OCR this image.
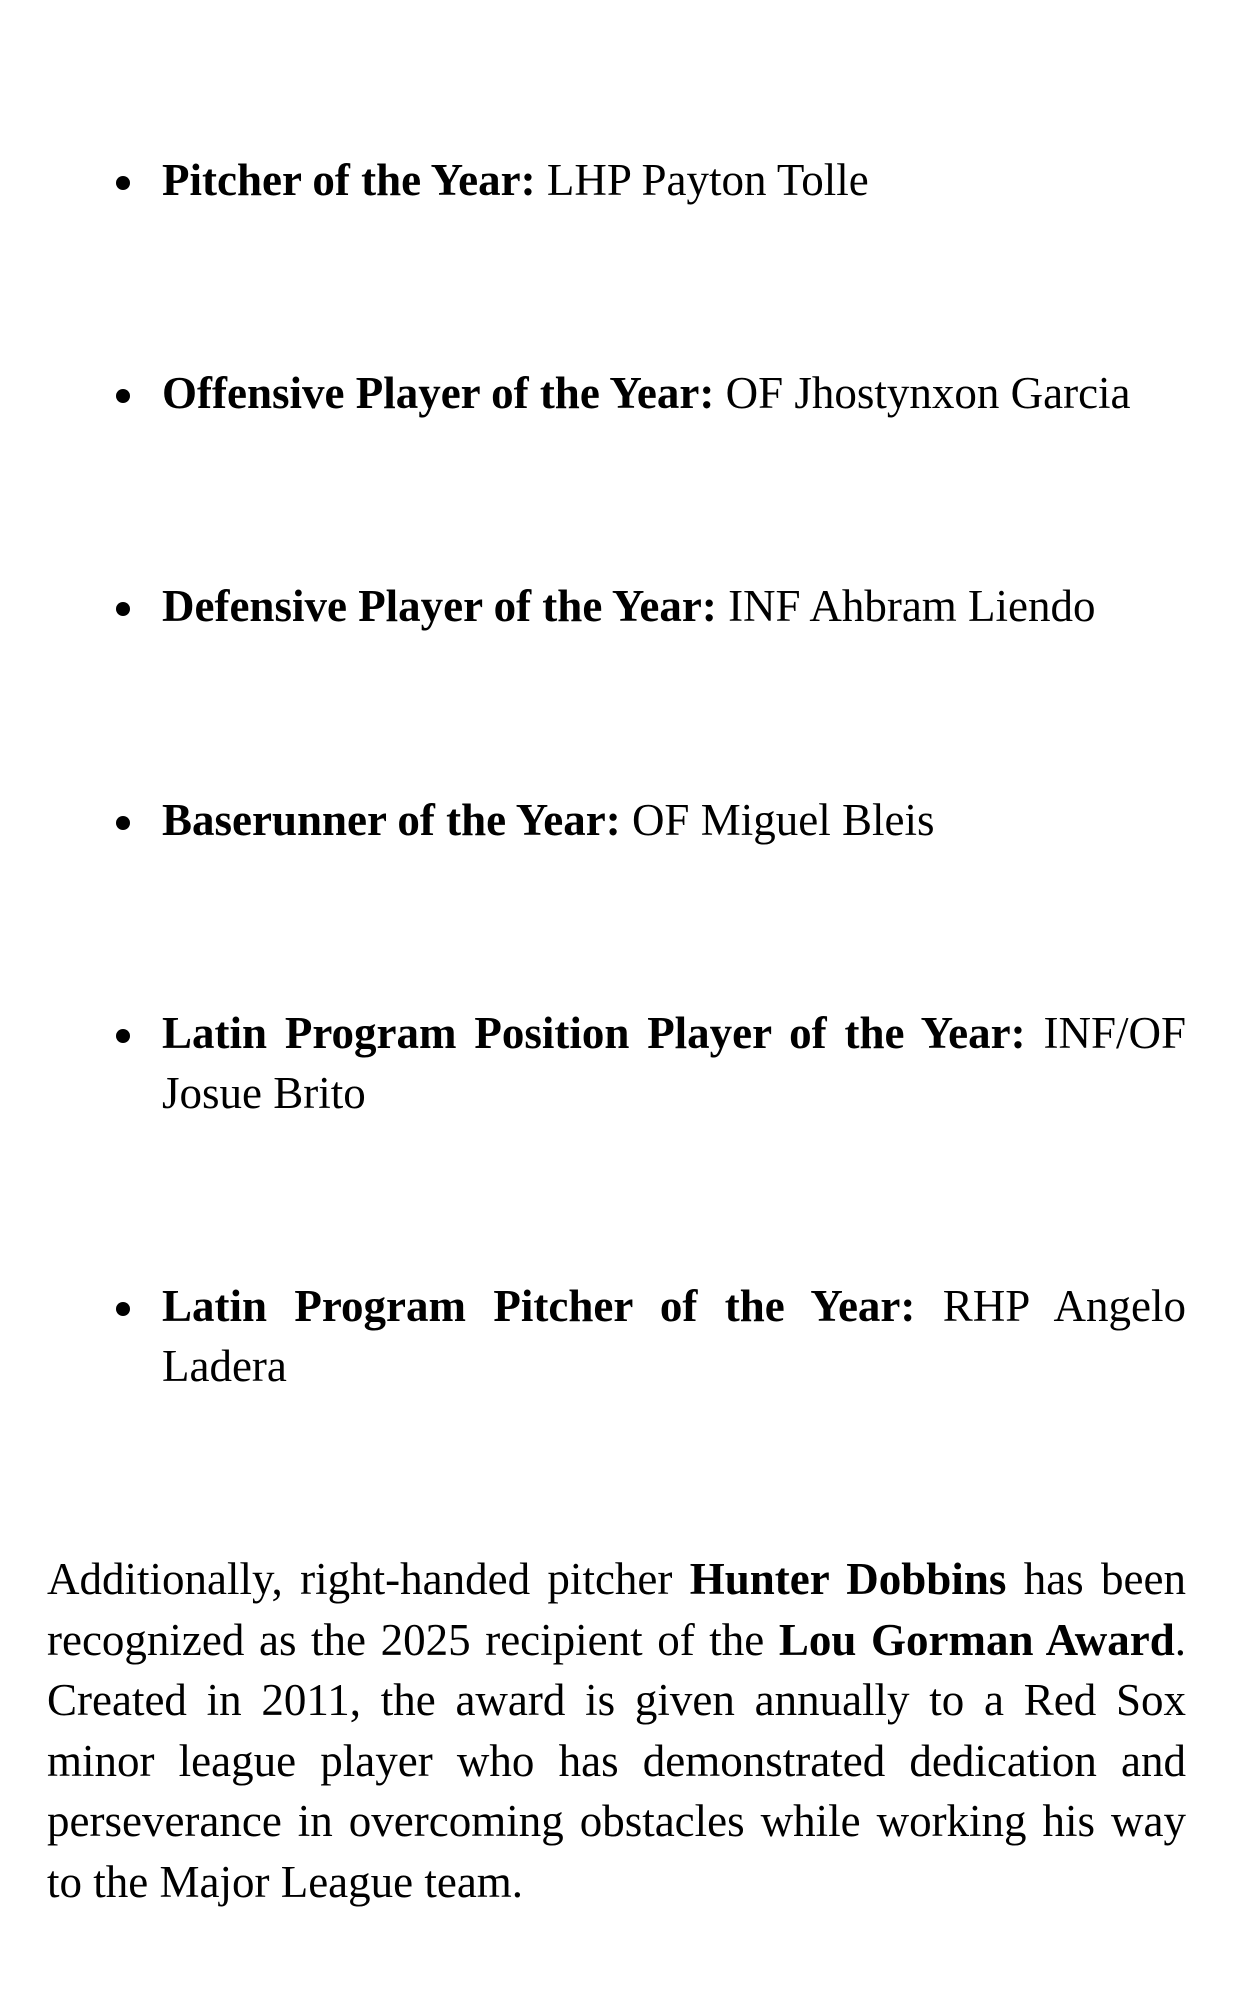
Pitcher of the Year: LHP Payton Tolle
Offensive Player of the Year: OF Jhostynxon Garcia
Defensive Player of the Year: INF Ahbram Liendo
Baserunner of the Year: OF Miguel Bleis
Latin Program Position Player of the Year: INF/OF Josue Brito
Latin Program Pitcher of the Year: RHP Angelo Ladera

Additionally, right-handed pitcher Hunter Dobbins has been recognized as the 2025 recipient of the Lou Gorman Award. Created in 2011, the award is given annually to a Red Sox minor league player who has demonstrated dedication and perseverance in overcoming obstacles while working his way to the Major League team.
